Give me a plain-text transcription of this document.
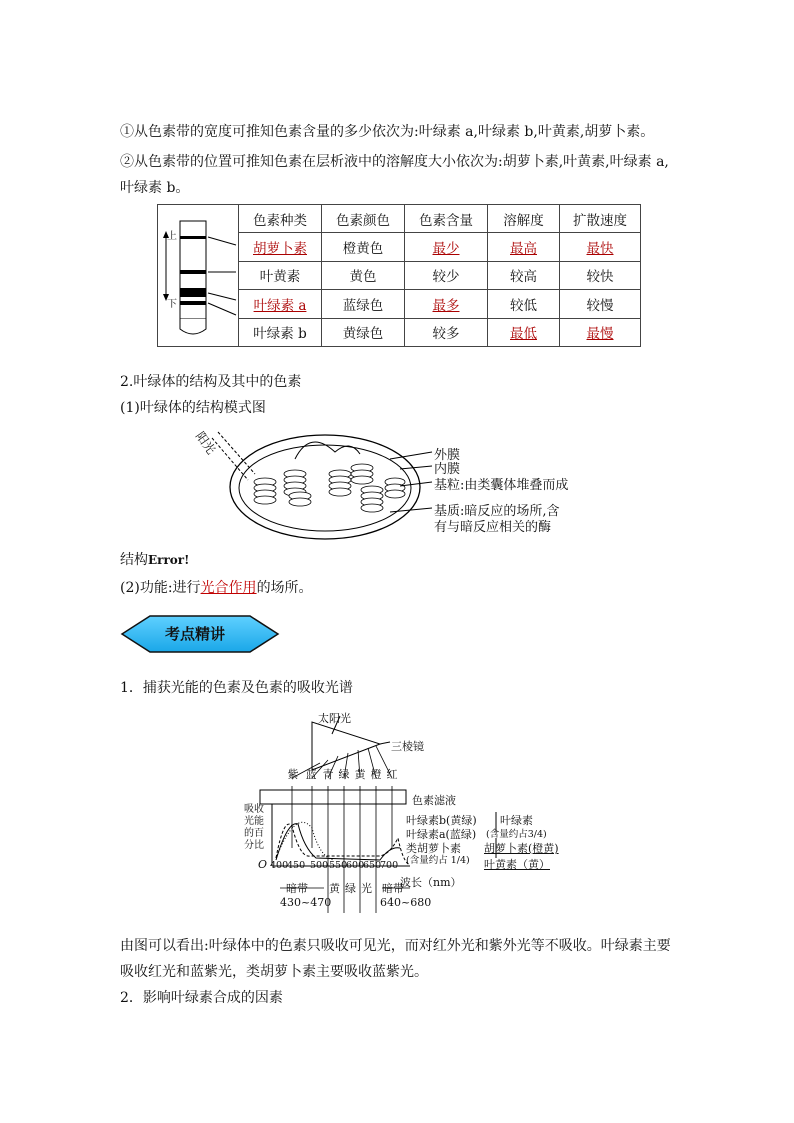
①从色素带的宽度可推知色素含量的多少依次为:叶绿素 a,叶绿素 b,叶黄素,胡萝卜素。
②从色素带的位置可推知色素在层析液中的溶解度大小依次为:胡萝卜素,叶黄素,叶绿素 a,
叶绿素 b。
上
下	色素种类	色素颜色	色素含量	溶解度	扩散速度
	胡萝卜素	橙黄色	最少	最高	最快
	叶黄素	黄色	较少	较高	较快
	叶绿素 a	蓝绿色	最多	较低	较慢
	叶绿素 b	黄绿色	较多	最低	最慢
2.叶绿体的结构及其中的色素
(1)叶绿体的结构模式图
阳光	外膜
内膜
基粒:由类囊体堆叠而成
基质:暗反应的场所,含
有与暗反应相关的酶
结构Error!
(2)功能:进行光合作用的场所。
考点精讲
1．捕获光能的色素及色素的吸收光谱
太阳光
三棱镜
紫 蓝 青 绿 黄 橙 红
色素滤液
吸收
光能
的百
分比
O 400
450 500 550
600
650
700
波长（nm）
暗带
430~470
黄 绿 光 暗带
640~680
叶绿素b(黄绿)
叶绿素a(蓝绿)
叶绿素
(含量约占3/4)
类胡萝卜素
(含量约占 1/4)
胡萝卜素(橙黄)
叶黄素（黄）
由图可以看出:叶绿体中的色素只吸收可见光，而对红外光和紫外光等不吸收。叶绿素主要
吸收红光和蓝紫光，类胡萝卜素主要吸收蓝紫光。
2．影响叶绿素合成的因素
